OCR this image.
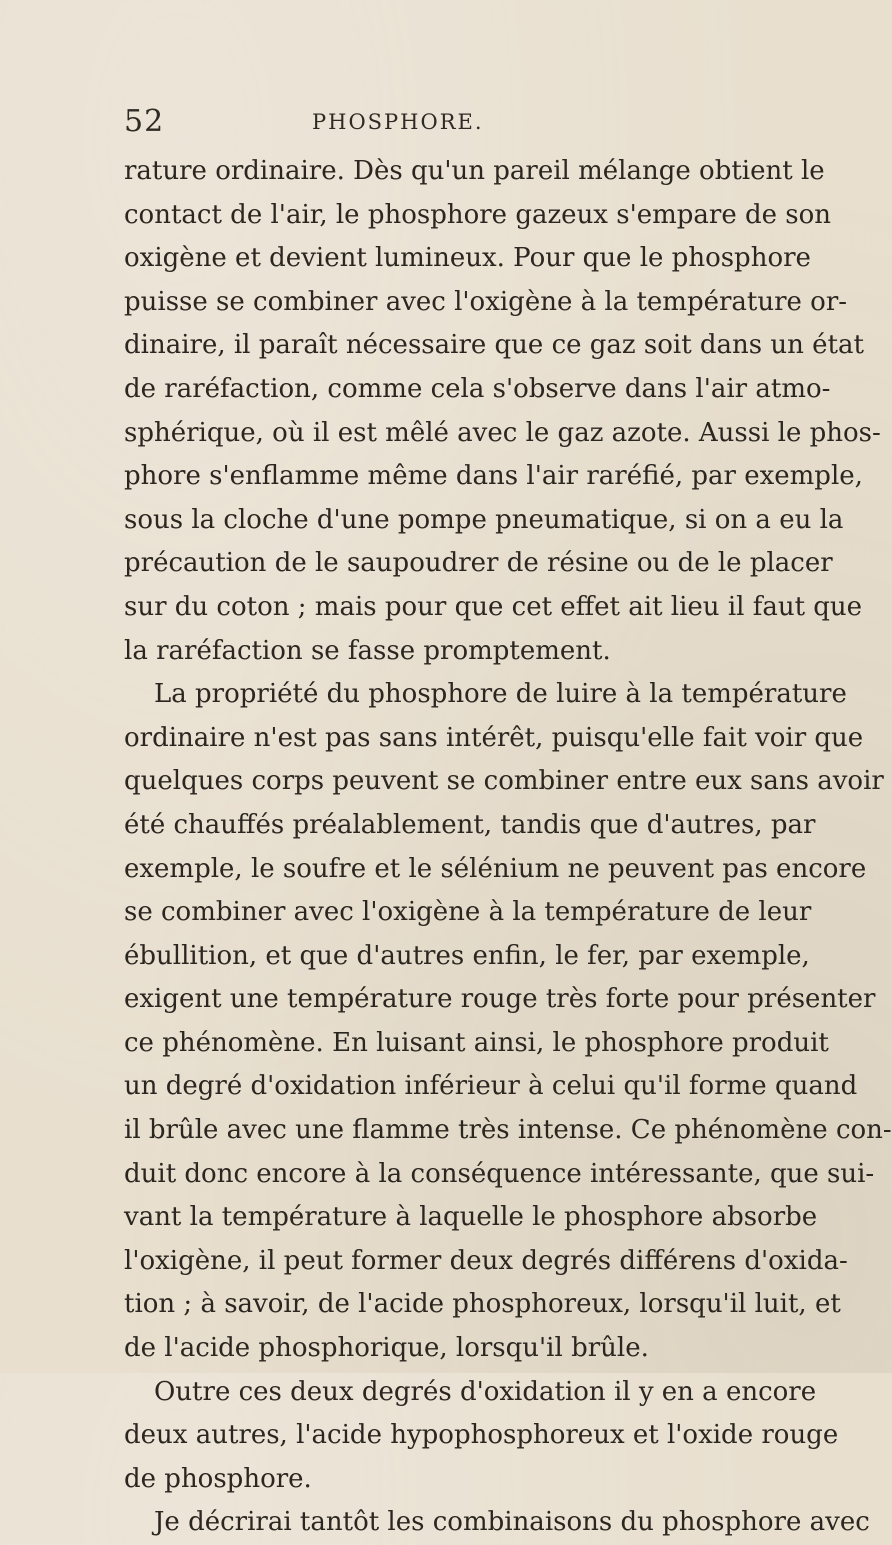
52	PHOSPHORE.
rature ordinaire. Dès qu'un pareil mélange obtient le
contact de l'air, le phosphore gazeux s'empare de son
oxigène et devient lumineux. Pour que le phosphore
puisse se combiner avec l'oxigène à la température or-
dinaire, il paraît nécessaire que ce gaz soit dans un état
de raréfaction, comme cela s'observe dans l'air atmo-
sphérique, où il est mêlé avec le gaz azote. Aussi le phos-
phore s'enflamme même dans l'air raréfié, par exemple,
sous la cloche d'une pompe pneumatique, si on a eu la
précaution de le saupoudrer de résine ou de le placer
sur du coton ; mais pour que cet effet ait lieu il faut que
la raréfaction se fasse promptement.
La propriété du phosphore de luire à la température
ordinaire n'est pas sans intérêt, puisqu'elle fait voir que
quelques corps peuvent se combiner entre eux sans avoir
été chauffés préalablement, tandis que d'autres, par
exemple, le soufre et le sélénium ne peuvent pas encore
se combiner avec l'oxigène à la température de leur
ébullition, et que d'autres enfin, le fer, par exemple,
exigent une température rouge très forte pour présenter
ce phénomène. En luisant ainsi, le phosphore produit
un degré d'oxidation inférieur à celui qu'il forme quand
il brûle avec une flamme très intense. Ce phénomène con-
duit donc encore à la conséquence intéressante, que sui-
vant la température à laquelle le phosphore absorbe
l'oxigène, il peut former deux degrés différens d'oxida-
tion ; à savoir, de l'acide phosphoreux, lorsqu'il luit, et
de l'acide phosphorique, lorsqu'il brûle.
Outre ces deux degrés d'oxidation il y en a encore
deux autres, l'acide hypophosphoreux et l'oxide rouge
de phosphore.
Je décrirai tantôt les combinaisons du phosphore avec
